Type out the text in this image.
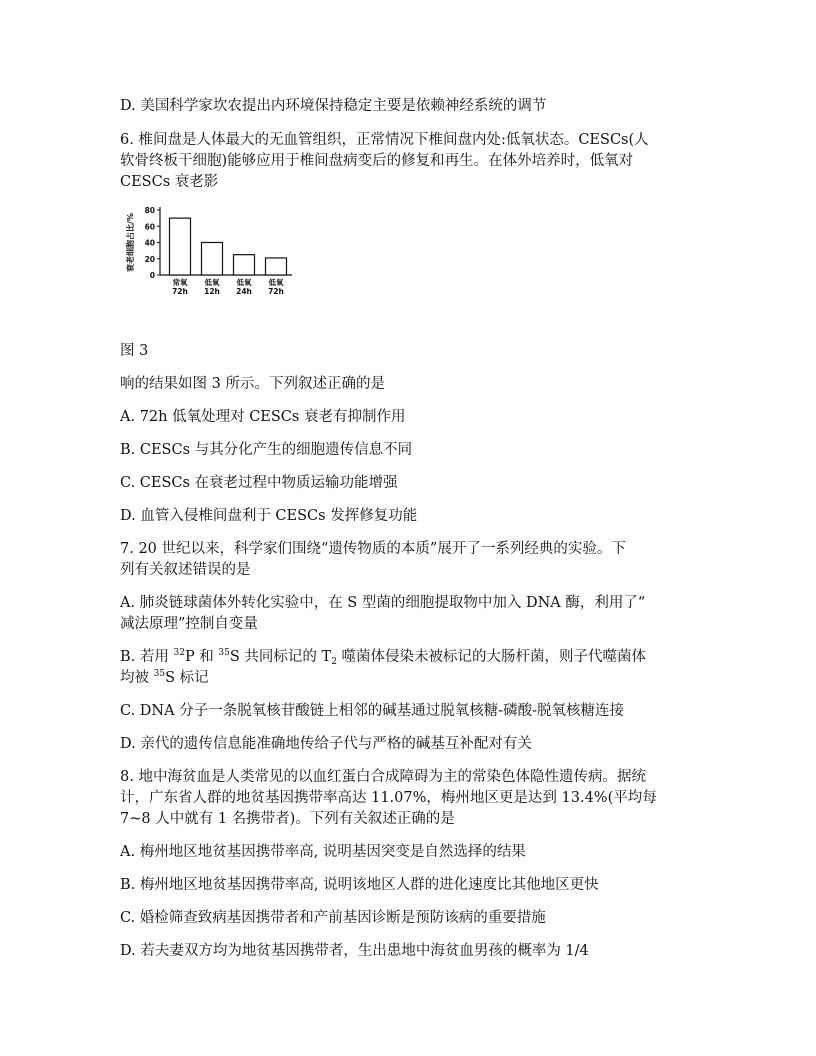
D. 美国科学家坎农提出内环境保持稳定主要是依赖神经系统的调节
6. 椎间盘是人体最大的无血管组织，正常情况下椎间盘内处:低氧状态。CESCs(人
软骨终板干细胞)能够应用于椎间盘病变后的修复和再生。在体外培养时，低氧对
CESCs 衰老影
衰老细胞占比/%
0
20
40
60
80
常氧
72h
低氧
12h
低氧
24h
低氧
72h
图 3
响的结果如图 3 所示。下列叙述正确的是
A. 72h 低氧处理对 CESCs 衰老有抑制作用
B. CESCs 与其分化产生的细胞遗传信息不同
C. CESCs 在衰老过程中物质运输功能增强
D. 血管入侵椎间盘利于 CESCs 发挥修复功能
7. 20 世纪以来，科学家们围绕“遗传物质的本质”展开了一系列经典的实验。下
列有关叙述错误的是
A. 肺炎链球菌体外转化实验中，在 S 型菌的细胞提取物中加入 DNA 酶，利用了“
减法原理”控制自变量
B. 若用 $^{32}$P 和 $^{35}$S 共同标记的 $T_2$ 噬菌体侵染未被标记的大肠杆菌，则子代噬菌体
均被 $^{35}$S 标记
C. DNA 分子一条脱氧核苷酸链上相邻的碱基通过脱氧核糖-磷酸-脱氧核糖连接
D. 亲代的遗传信息能准确地传给子代与严格的碱基互补配对有关
8. 地中海贫血是人类常见的以血红蛋白合成障碍为主的常染色体隐性遗传病。据统
计，广东省人群的地贫基因携带率高达 11.07%，梅州地区更是达到 13.4%(平均每
7~8 人中就有 1 名携带者)。下列有关叙述正确的是
A. 梅州地区地贫基因携带率高, 说明基因突变是自然选择的结果
B. 梅州地区地贫基因携带率高, 说明该地区人群的进化速度比其他地区更快
C. 婚检筛查致病基因携带者和产前基因诊断是预防该病的重要措施
D. 若夫妻双方均为地贫基因携带者，生出患地中海贫血男孩的概率为 1/4
